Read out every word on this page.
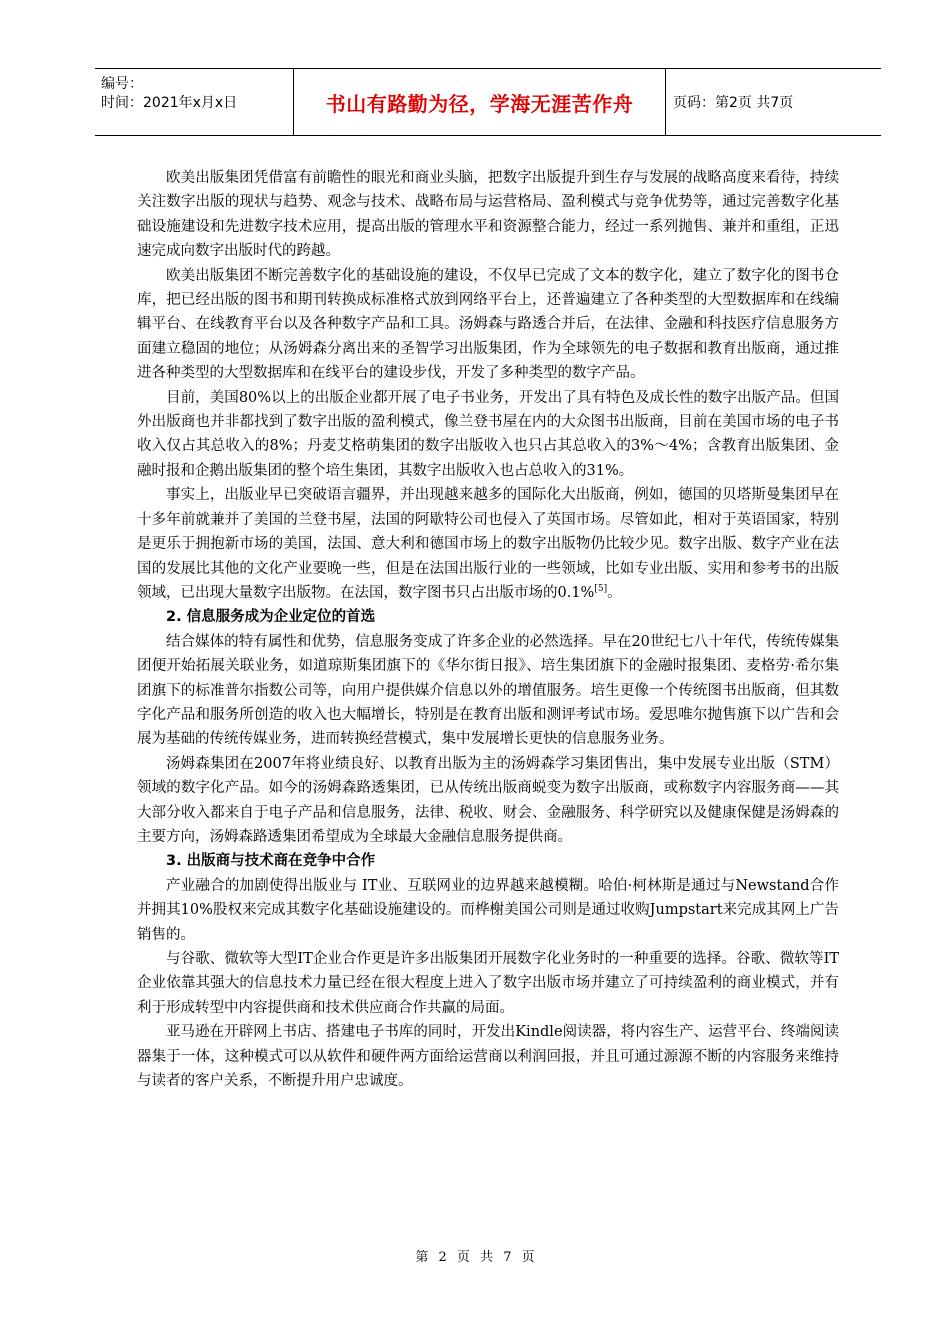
编号：
时间：2021年x月x日	书山有路勤为径，学海无涯苦作舟	页码：第2页 共7页

欧美出版集团凭借富有前瞻性的眼光和商业头脑，把数字出版提升到生存与发展的战略高度来看待，持续关注数字出版的现状与趋势、观念与技术、战略布局与运营格局、盈利模式与竞争优势等，通过完善数字化基础设施建设和先进数字技术应用，提高出版的管理水平和资源整合能力，经过一系列抛售、兼并和重组，正迅速完成向数字出版时代的跨越。

欧美出版集团不断完善数字化的基础设施的建设，不仅早已完成了文本的数字化，建立了数字化的图书仓库，把已经出版的图书和期刊转换成标准格式放到网络平台上，还普遍建立了各种类型的大型数据库和在线编辑平台、在线教育平台以及各种数字产品和工具。汤姆森与路透合并后，在法律、金融和科技医疗信息服务方面建立稳固的地位；从汤姆森分离出来的圣智学习出版集团，作为全球领先的电子数据和教育出版商，通过推进各种类型的大型数据库和在线平台的建设步伐，开发了多种类型的数字产品。

目前，美国80%以上的出版企业都开展了电子书业务，开发出了具有特色及成长性的数字出版产品。但国外出版商也并非都找到了数字出版的盈利模式，像兰登书屋在内的大众图书出版商，目前在美国市场的电子书收入仅占其总收入的8%；丹麦艾格萌集团的数字出版收入也只占其总收入的3%～4%；含教育出版集团、金融时报和企鹅出版集团的整个培生集团，其数字出版收入也占总收入的31%。

事实上，出版业早已突破语言疆界，并出现越来越多的国际化大出版商，例如，德国的贝塔斯曼集团早在十多年前就兼并了美国的兰登书屋，法国的阿歇特公司也侵入了英国市场。尽管如此，相对于英语国家，特别是更乐于拥抱新市场的美国，法国、意大利和德国市场上的数字出版物仍比较少见。数字出版、数字产业在法国的发展比其他的文化产业要晚一些，但是在法国出版行业的一些领域，比如专业出版、实用和参考书的出版领域，已出现大量数字出版物。在法国，数字图书只占出版市场的0.1%[5]。

2. 信息服务成为企业定位的首选

结合媒体的特有属性和优势，信息服务变成了许多企业的必然选择。早在20世纪七八十年代，传统传媒集团便开始拓展关联业务，如道琼斯集团旗下的《华尔街日报》、培生集团旗下的金融时报集团、麦格劳·希尔集团旗下的标准普尔指数公司等，向用户提供媒介信息以外的增值服务。培生更像一个传统图书出版商，但其数字化产品和服务所创造的收入也大幅增长，特别是在教育出版和测评考试市场。爱思唯尔抛售旗下以广告和会展为基础的传统传媒业务，进而转换经营模式，集中发展增长更快的信息服务业务。

汤姆森集团在2007年将业绩良好、以教育出版为主的汤姆森学习集团售出，集中发展专业出版（STM）领域的数字化产品。如今的汤姆森路透集团，已从传统出版商蜕变为数字出版商，或称数字内容服务商——其大部分收入都来自于电子产品和信息服务，法律、税收、财会、金融服务、科学研究以及健康保健是汤姆森的主要方向，汤姆森路透集团希望成为全球最大金融信息服务提供商。

3. 出版商与技术商在竞争中合作

产业融合的加剧使得出版业与 IT业、互联网业的边界越来越模糊。哈伯·柯林斯是通过与Newstand合作并拥其10%股权来完成其数字化基础设施建设的。而桦榭美国公司则是通过收购Jumpstart来完成其网上广告销售的。

与谷歌、微软等大型IT企业合作更是许多出版集团开展数字化业务时的一种重要的选择。谷歌、微软等IT企业依靠其强大的信息技术力量已经在很大程度上进入了数字出版市场并建立了可持续盈利的商业模式，并有利于形成转型中内容提供商和技术供应商合作共赢的局面。

亚马逊在开辟网上书店、搭建电子书库的同时，开发出Kindle阅读器，将内容生产、运营平台、终端阅读器集于一体，这种模式可以从软件和硬件两方面给运营商以利润回报，并且可通过源源不断的内容服务来维持与读者的客户关系，不断提升用户忠诚度。

第 2 页 共 7 页
